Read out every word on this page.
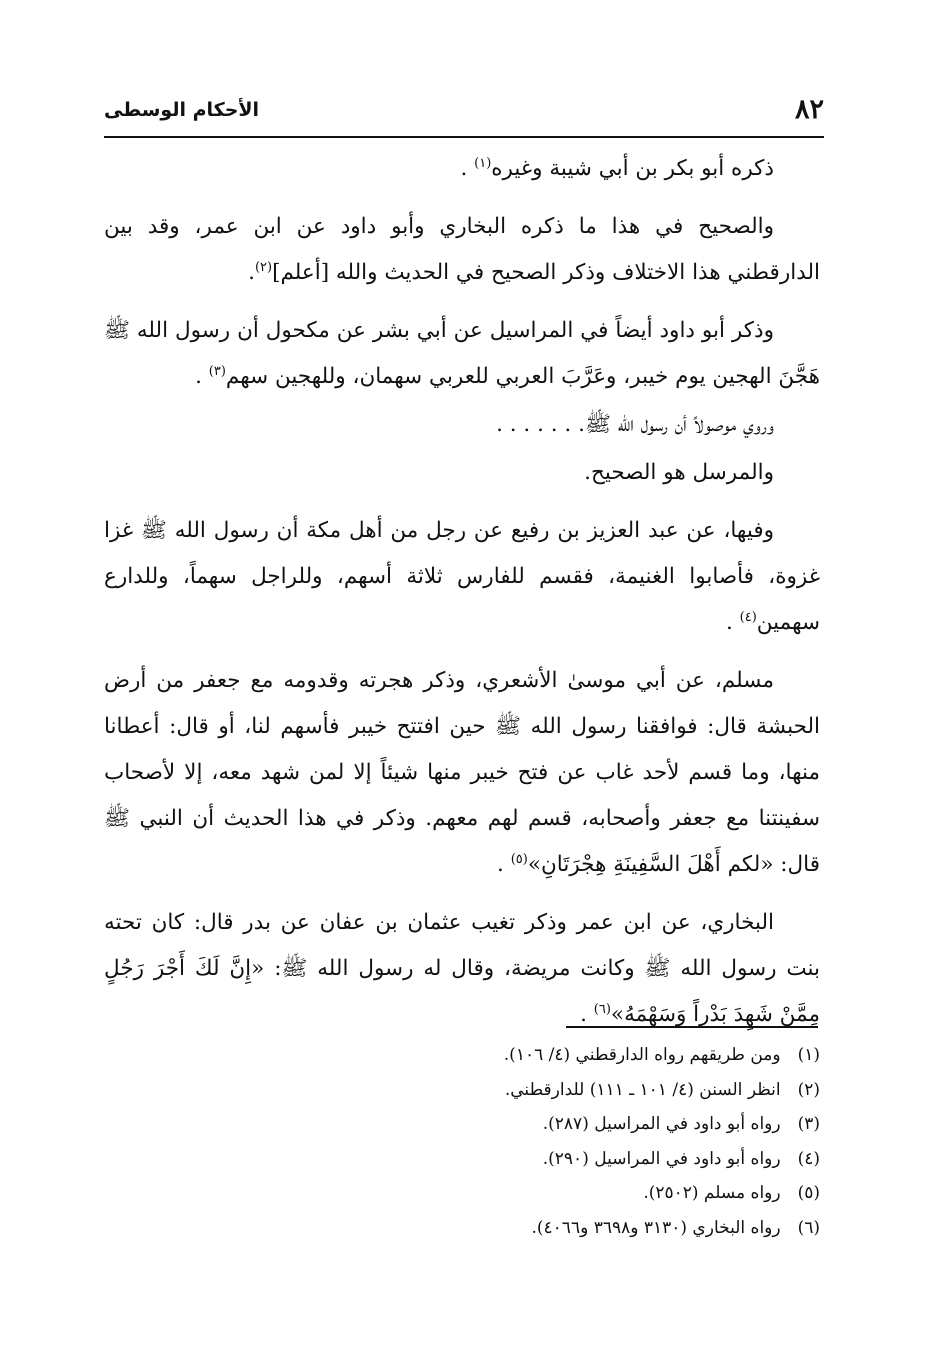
٨٢
الأحكام الوسطى

ذكره أبو بكر بن أبي شيبة وغيره$^{(١)}$ .

والصحيح في هذا ما ذكره البخاري وأبو داود عن ابن عمر، وقد بين الدارقطني هذا الاختلاف وذكر الصحيح في الحديث والله [أعلم]$^{(٢)}$.

وذكر أبو داود أيضاً في المراسيل عن أبي بشر عن مكحول أن رسول الله ﷺ هَجَّنَ الهجين يوم خيبر، وعَرَّبَ العربي للعربي سهمان، وللهجين سهم$^{(٣)}$ .

وروي موصولاً أن رسول الله ﷺ. . . . . . .

والمرسل هو الصحيح.

وفيها، عن عبد العزيز بن رفيع عن رجل من أهل مكة أن رسول الله ﷺ غزا غزوة، فأصابوا الغنيمة، فقسم للفارس ثلاثة أسهم، وللراجل سهماً، وللدارع سهمين$^{(٤)}$ .

مسلم، عن أبي موسىٰ الأشعري، وذكر هجرته وقدومه مع جعفر من أرض الحبشة قال: فوافقنا رسول الله ﷺ حين افتتح خيبر فأسهم لنا، أو قال: أعطانا منها، وما قسم لأحد غاب عن فتح خيبر منها شيئاً إلا لمن شهد معه، إلا لأصحاب سفينتنا مع جعفر وأصحابه، قسم لهم معهم. وذكر في هذا الحديث أن النبي ﷺ قال: «لكم أَهْلَ السَّفِينَةِ هِجْرَتَانِ»$^{(٥)}$ .

البخاري، عن ابن عمر وذكر تغيب عثمان بن عفان عن بدر قال: كان تحته بنت رسول الله ﷺ وكانت مريضة، وقال له رسول الله ﷺ: «إِنَّ لَكَ أَجْرَ رَجُلٍ مِمَّنْ شَهِدَ بَدْراً وَسَهْمَهُ»$^{(٦)}$ .

(١) ومن طريقهم رواه الدارقطني (٤/ ١٠٦).

(٢) انظر السنن (٤/ ١٠١ ـ ١١١) للدارقطني.

(٣) رواه أبو داود في المراسيل (٢٨٧).

(٤) رواه أبو داود في المراسيل (٢٩٠).

(٥) رواه مسلم (٢٥٠٢).

(٦) رواه البخاري (٣١٣٠ و٣٦٩٨ و٤٠٦٦).
